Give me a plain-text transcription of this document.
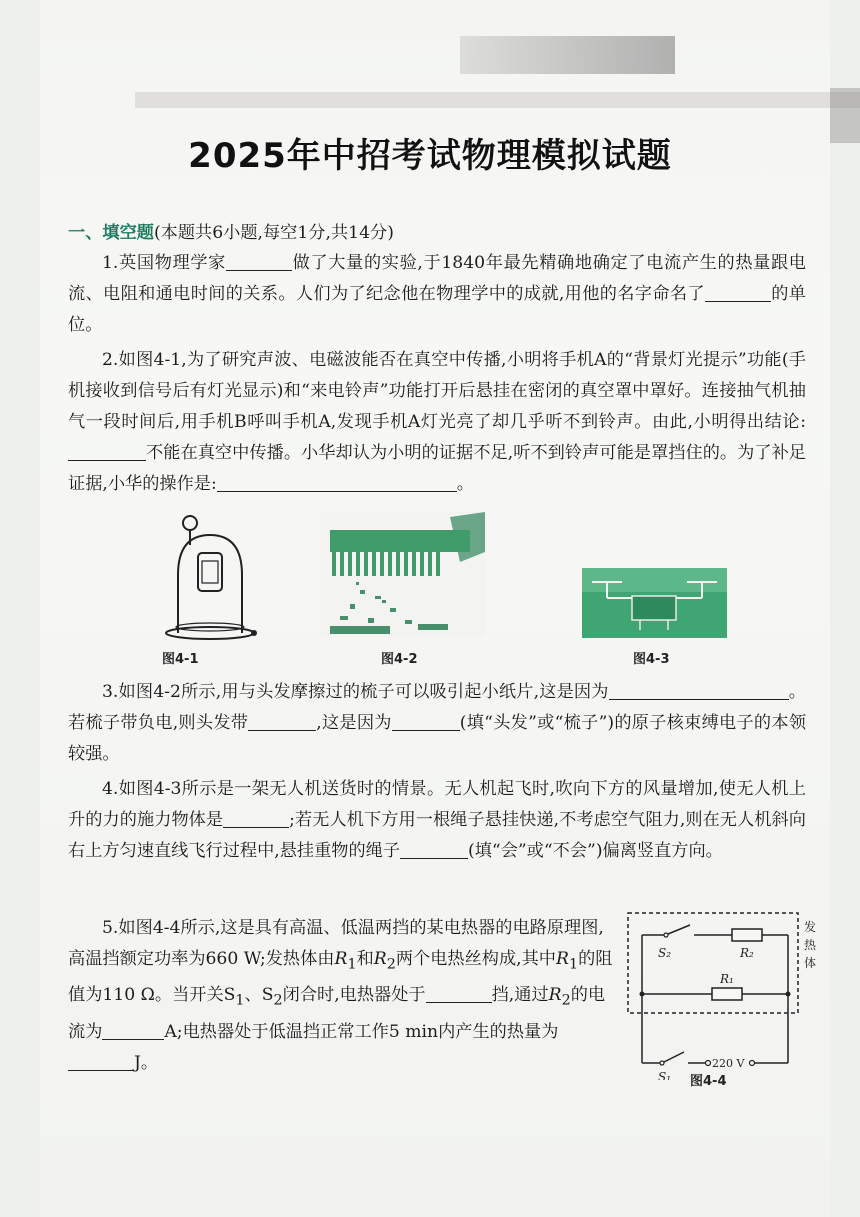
2025年中招考试物理模拟试题
一、填空题(本题共6小题,每空1分,共14分)
1.英国物理学家	做了大量的实验,于1840年最先精确地确定了电流产生的热量跟电流、电阻和通电时间的关系。人们为了纪念他在物理学中的成就,用他的名字命名了	的单位。
2.如图4-1,为了研究声波、电磁波能否在真空中传播,小明将手机A的“背景灯光提示”功能(手机接收到信号后有灯光显示)和“来电铃声”功能打开后悬挂在密闭的真空罩中罩好。连接抽气机抽气一段时间后,用手机B呼叫手机A,发现手机A灯光亮了却几乎听不到铃声。由此,小明得出结论:不能在真空中传播。小华却认为小明的证据不足,听不到铃声可能是罩挡住的。为了补足证据,小华的操作是:	。
图4-1	图4-2	图4-3
3.如图4-2所示,用与头发摩擦过的梳子可以吸引起小纸片,这是因为	。若梳子带负电,则头发带	,这是因为	(填“头发”或“梳子”)的原子核束缚电子的本领较强。
4.如图4-3所示是一架无人机送货时的情景。无人机起飞时,吹向下方的风量增加,使无人机上升的力的施力物体是	;若无人机下方用一根绳子悬挂快递,不考虑空气阻力,则在无人机斜向右上方匀速直线飞行过程中,悬挂重物的绳子	(填“会”或“不会”)偏离竖直方向。
5.如图4-4所示,这是具有高温、低温两挡的某电热器的电路原理图,高温挡额定功率为660 W;发热体由$R_1$和$R_2$两个电热丝构成,其中$R_1$的阻值为110 Ω。当开关$S_1$、$S_2$闭合时,电热器处于	挡,通过$R_2$的电流为	A;电热器处于低温挡正常工作5 min内产生的热量为J。
S₂	R₂
R₁
S₁
220 V
发
热
体
图4-4
